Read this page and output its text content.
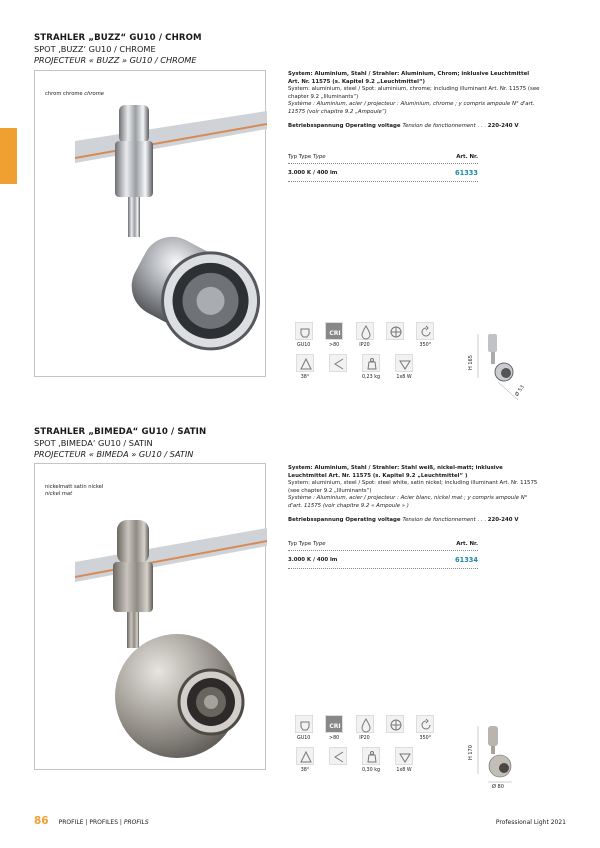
STRAHLER „BUZZ“ GU10 / CHROM
SPOT ‚BUZZ‘ GU10 / CHROME
PROJECTEUR « BUZZ » GU10 / CHROME
chrom chrome chrome

System: Aluminium, Stahl / Strahler: Aluminium, Chrom; inklusive Leuchtmittel Art. Nr. 11575 (s. Kapitel 9.2 „Leuchtmittel“)

System: aluminium, steel / Spot: aluminium, chrome; including illuminant Art. Nr. 11575 (see chapter 9.2 „Illuminants“)

Système : Aluminium, acier / projecteur : Aluminium, chrome ; y compris ampoule N° d'art. 11575 (voir chapitre 9.2 „Ampoule“)

Betriebsspannung Operating voltage Tension de fonctionnement . . . 220-240 V

Typ Type Type	Art. Nr.
3.000 K / 400 lm	61333
GU10
CRI
>80	IP20	350°
38°	0,23 kg	1x8 W
H 165
Ø 53
STRAHLER „BIMEDA“ GU10 / SATIN
SPOT ‚BIMEDA‘ GU10 / SATIN
PROJECTEUR « BIMEDA » GU10 / SATIN
nickelmatt satin nickel
nickel mat

System: Aluminium, Stahl / Strahler: Stahl weiß, nickel-matt; inklusive Leuchtmittel Art. Nr. 11575 (s. Kapitel 9.2 „Leuchtmittel“ )

System: aluminium, steel / Spot: steel white, satin nickel; including illuminant Art. Nr. 11575 (see chapter 9.2 „Illuminants“)

Système : Aluminium, acier / projecteur : Acier blanc, nickel mat ; y compris ampoule N° d'art. 11575 (voir chapitre 9.2 « Ampoule » )

Betriebsspannung Operating voltage Tension de fonctionnement . . . 220-240 V

Typ Type Type	Art. Nr.
3.000 K / 400 lm	61334
GU10
CRI
>80	IP20	350°
38°	0,30 kg	1x8 W
H 170
Ø 80
86 PROFILE | PROFILES | PROFILS	Professional Light 2021
